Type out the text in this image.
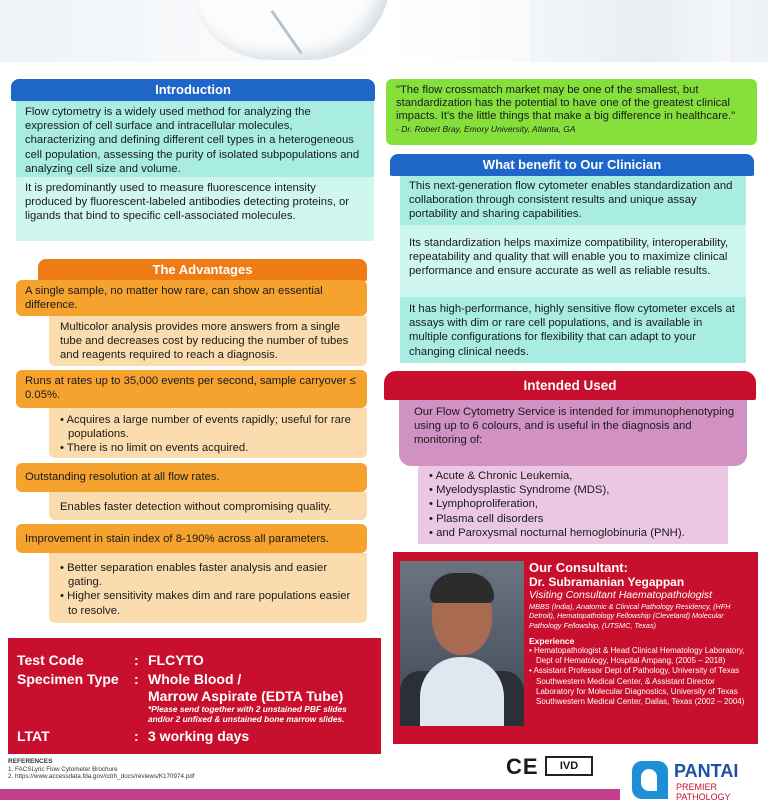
Introduction
Flow cytometry is a widely used method for analyzing the expression of cell surface and intracellular molecules, characterizing and defining different cell types in a heterogeneous cell population, assessing the purity of isolated subpopulations and analyzing cell size and volume.
It is predominantly used to measure fluorescence intensity produced by fluorescent-labeled antibodies detecting proteins, or ligands that bind to specific cell-associated molecules.
The Advantages
A single sample, no matter how rare, can show an essential difference.
Multicolor analysis provides more answers from a single tube and decreases cost by reducing the number of tubes and reagents required to reach a diagnosis.
Runs at rates up to 35,000 events per second, sample carryover ≤ 0.05%.
• Acquires a large number of events rapidly; useful for rare populations.
• There is no limit on events acquired.
Outstanding resolution at all flow rates.
Enables faster detection without compromising quality.
Improvement in stain index of 8-190% across all parameters.
• Better separation enables faster analysis and easier gating.
• Higher sensitivity makes dim and rare populations easier to resolve.
"The flow crossmatch market may be one of the smallest, but standardization has the potential to have one of the greatest clinical impacts. It's the little things that make a big difference in healthcare."
- Dr. Robert Bray, Emory University, Atlanta, GA
What benefit to Our Clinician
This next-generation flow cytometer enables standardization and collaboration through consistent results and unique assay portability and sharing capabilities.
Its standardization helps maximize compatibility, interoperability, repeatability and quality that will enable you to maximize clinical performance and ensure accurate as well as reliable results.
It has high-performance, highly sensitive flow cytometer excels at assays with dim or rare cell populations, and is available in multiple configurations for flexibility that can adapt to your changing clinical needs.
Intended Used
Our Flow Cytometry Service is intended for immunophenotyping using up to 6 colours, and is useful in the diagnosis and monitoring of:
• Acute & Chronic Leukemia,
• Myelodysplastic Syndrome (MDS),
• Lymphoproliferation,
• Plasma cell disorders
• and Paroxysmal nocturnal hemoglobinuria (PNH).
Our Consultant:
Dr. Subramanian Yegappan
Visiting Consultant Haematopathologist
MBBS (India), Anatomic & Clinical Pathology Residency, (HFH Detroit), Hematopathology Fellowship (Cleveland) Molecular Pathology Fellowship, (UTSMC, Texas)
Experience
• Hematopathologist & Head Clinical Hematology Laboratory, Dept of Hematology, Hospital Ampang, (2005 – 2018)
• Assistant Professor Dept of Pathology, University of Texas Southwestern Medical Center, & Assistant Director Laboratory for Molecular Diagnostics, University of Texas Southwestern Medical Center, Dallas, Texas (2002 – 2004)
Test Code	: FLCYTO
Specimen Type : Whole Blood /
Marrow Aspirate (EDTA Tube)
*Please send together with 2 unstained PBF slides
and/or 2 unfixed & unstained bone marrow slides.
LTAT	: 3 working days
REFERENCES
1. FACSLyric Flow Cytometer Brochure
2. https://www.accessdata.fda.gov/cdrh_docs/reviews/K170974.pdf	CE	IVD	PANTAI
PREMIER
PATHOLOGY
